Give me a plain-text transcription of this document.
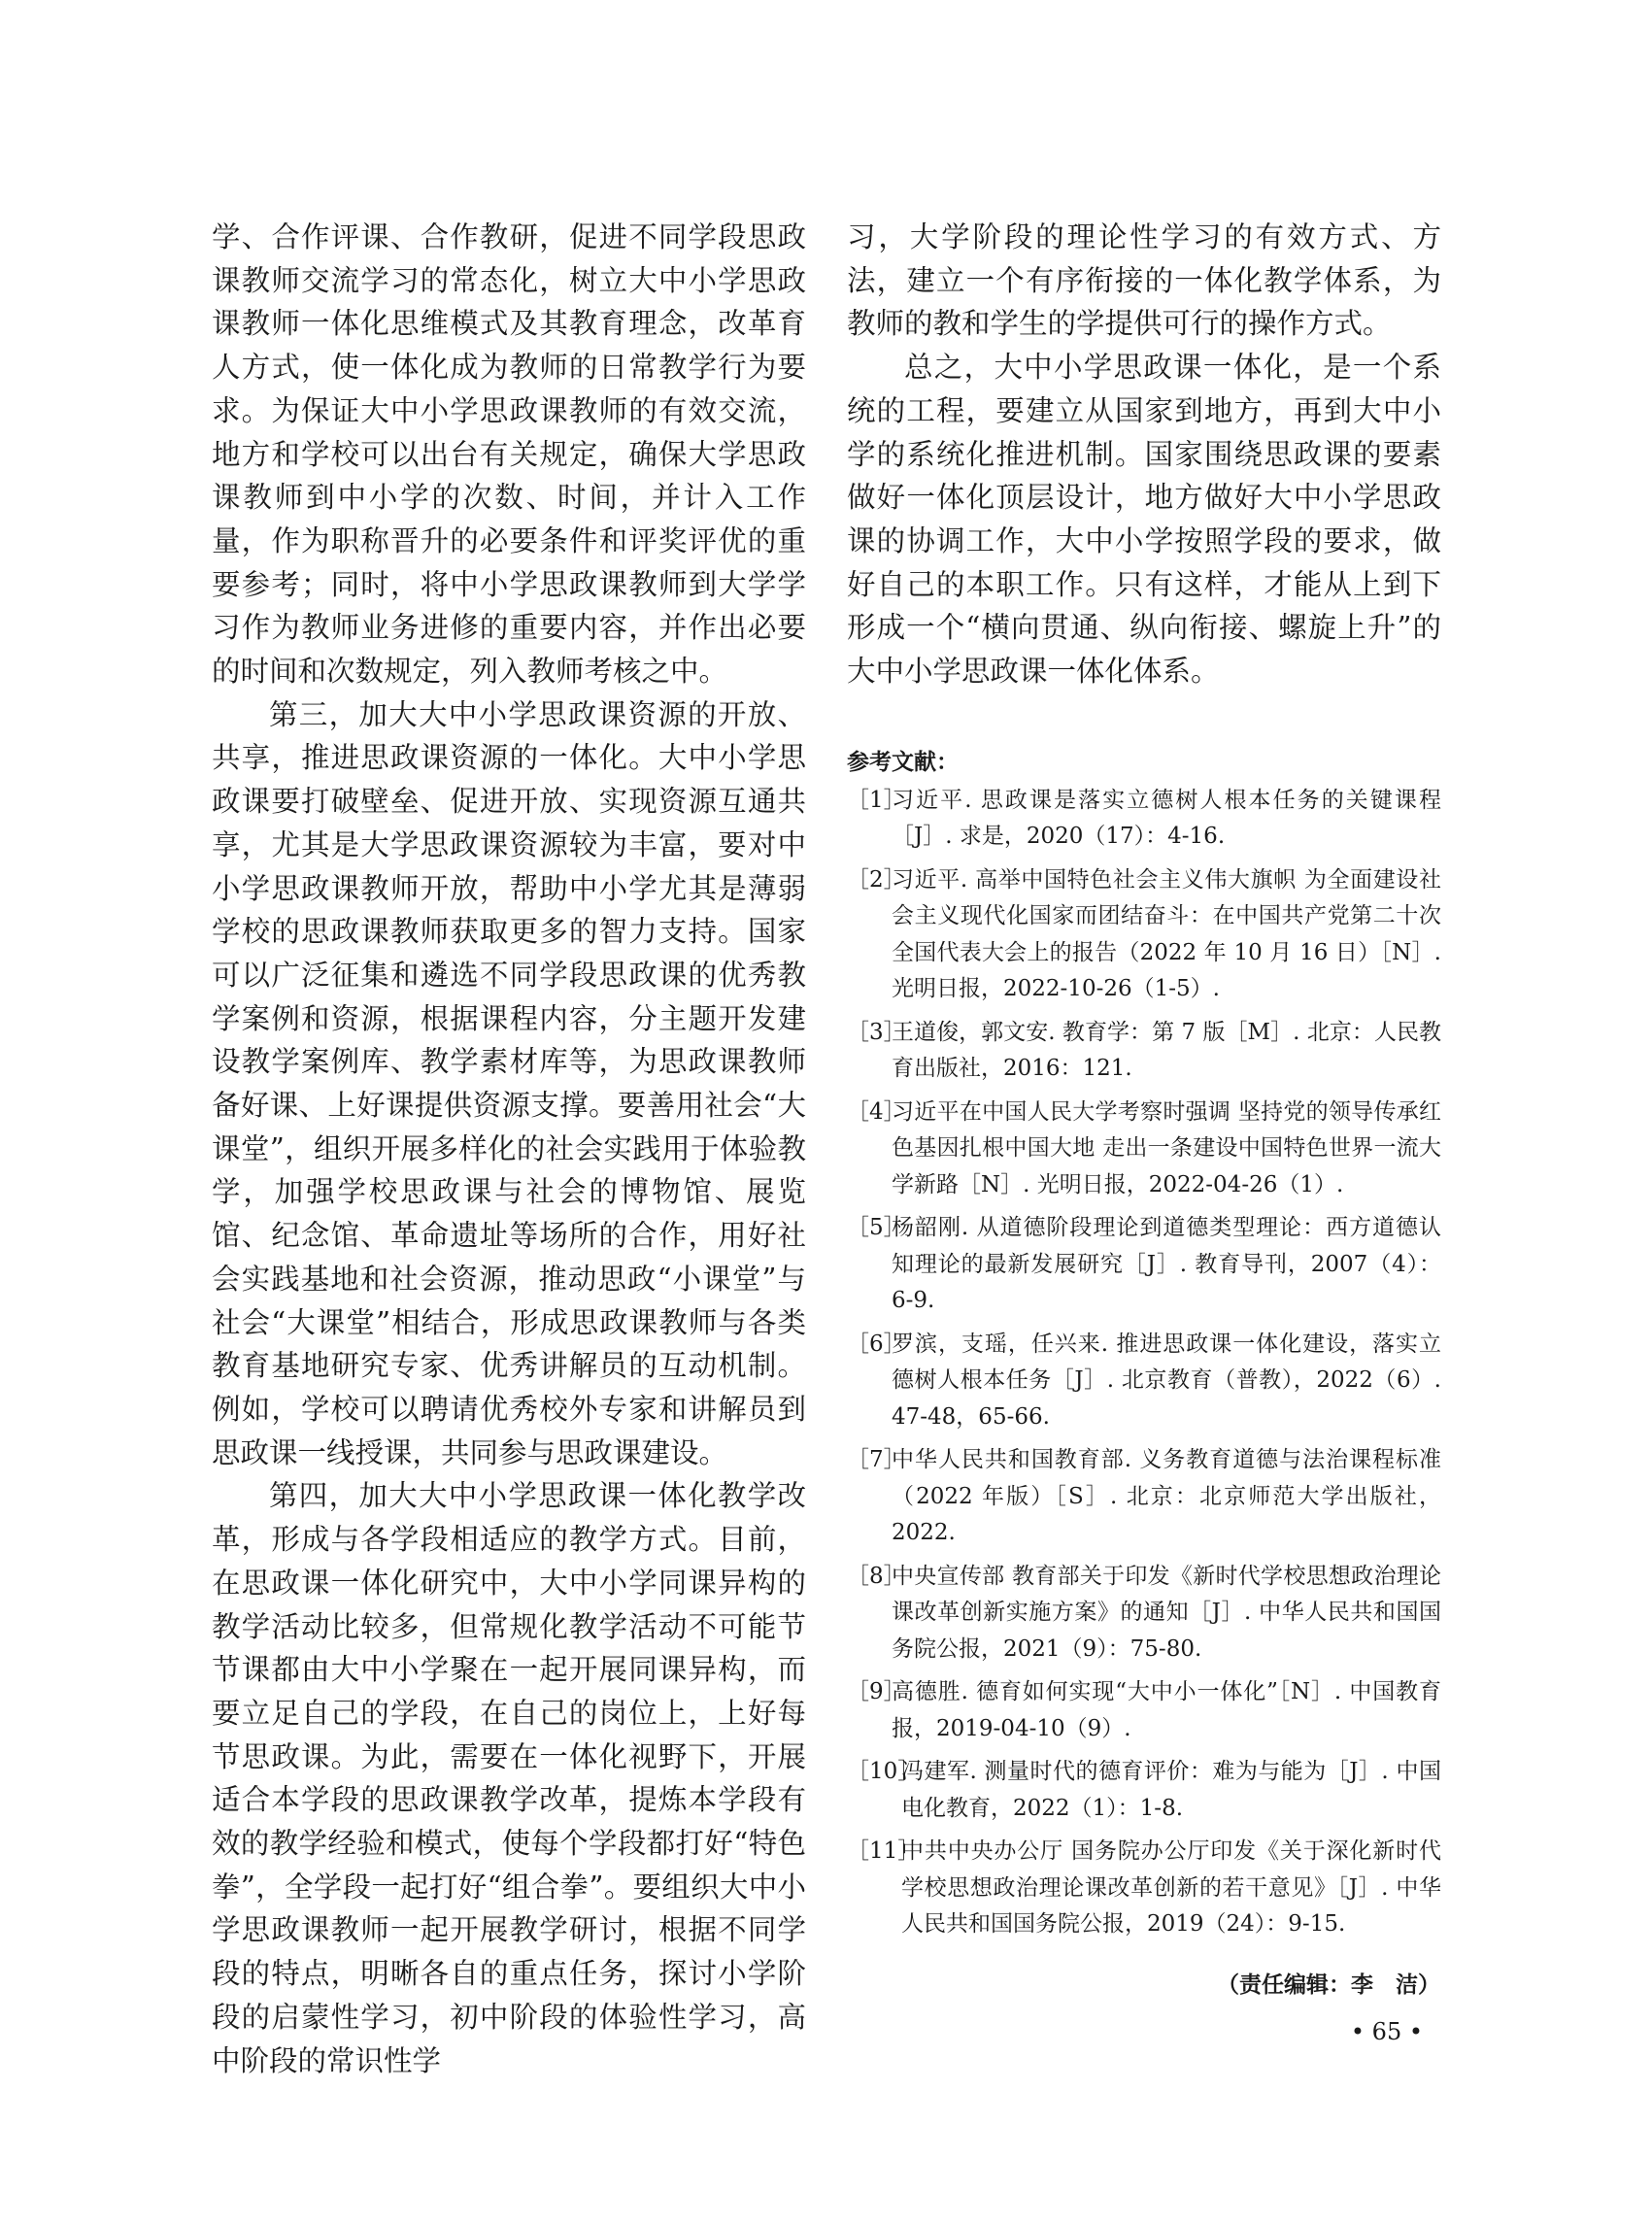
学、合作评课、合作教研，促进不同学段思政课教师交流学习的常态化，树立大中小学思政课教师一体化思维模式及其教育理念，改革育人方式，使一体化成为教师的日常教学行为要求。为保证大中小学思政课教师的有效交流，地方和学校可以出台有关规定，确保大学思政课教师到中小学的次数、时间，并计入工作量，作为职称晋升的必要条件和评奖评优的重要参考；同时，将中小学思政课教师到大学学习作为教师业务进修的重要内容，并作出必要的时间和次数规定，列入教师考核之中。

第三，加大大中小学思政课资源的开放、共享，推进思政课资源的一体化。大中小学思政课要打破壁垒、促进开放、实现资源互通共享，尤其是大学思政课资源较为丰富，要对中小学思政课教师开放，帮助中小学尤其是薄弱学校的思政课教师获取更多的智力支持。国家可以广泛征集和遴选不同学段思政课的优秀教学案例和资源，根据课程内容，分主题开发建设教学案例库、教学素材库等，为思政课教师备好课、上好课提供资源支撑。要善用社会“大课堂”，组织开展多样化的社会实践用于体验教学，加强学校思政课与社会的博物馆、展览馆、纪念馆、革命遗址等场所的合作，用好社会实践基地和社会资源，推动思政“小课堂”与社会“大课堂”相结合，形成思政课教师与各类教育基地研究专家、优秀讲解员的互动机制。例如，学校可以聘请优秀校外专家和讲解员到思政课一线授课，共同参与思政课建设。

第四，加大大中小学思政课一体化教学改革，形成与各学段相适应的教学方式。目前，在思政课一体化研究中，大中小学同课异构的教学活动比较多，但常规化教学活动不可能节节课都由大中小学聚在一起开展同课异构，而要立足自己的学段，在自己的岗位上，上好每节思政课。为此，需要在一体化视野下，开展适合本学段的思政课教学改革，提炼本学段有效的教学经验和模式，使每个学段都打好“特色拳”，全学段一起打好“组合拳”。要组织大中小学思政课教师一起开展教学研讨，根据不同学段的特点，明晰各自的重点任务，探讨小学阶段的启蒙性学习，初中阶段的体验性学习，高中阶段的常识性学

习，大学阶段的理论性学习的有效方式、方法，建立一个有序衔接的一体化教学体系，为教师的教和学生的学提供可行的操作方式。

总之，大中小学思政课一体化，是一个系统的工程，要建立从国家到地方，再到大中小学的系统化推进机制。国家围绕思政课的要素做好一体化顶层设计，地方做好大中小学思政课的协调工作，大中小学按照学段的要求，做好自己的本职工作。只有这样，才能从上到下形成一个“横向贯通、纵向衔接、螺旋上升”的大中小学思政课一体化体系。

参考文献：
［1］
习近平. 思政课是落实立德树人根本任务的关键课程［J］. 求是，2020（17）：4-16.
［2］
习近平. 高举中国特色社会主义伟大旗帜 为全面建设社会主义现代化国家而团结奋斗：在中国共产党第二十次全国代表大会上的报告（2022 年 10 月 16 日）［N］. 光明日报，2022-10-26（1-5）.
［3］
王道俊，郭文安. 教育学：第 7 版［M］. 北京：人民教育出版社，2016：121.
［4］
习近平在中国人民大学考察时强调 坚持党的领导传承红色基因扎根中国大地 走出一条建设中国特色世界一流大学新路［N］. 光明日报，2022-04-26（1）.
［5］
杨韶刚. 从道德阶段理论到道德类型理论：西方道德认知理论的最新发展研究［J］. 教育导刊，2007（4）：6-9.
［6］
罗滨，支瑶，任兴来. 推进思政课一体化建设，落实立德树人根本任务［J］. 北京教育（普教），2022（6）. 47-48，65-66.
［7］
中华人民共和国教育部. 义务教育道德与法治课程标准（2022 年版）［S］. 北京：北京师范大学出版社，2022.
［8］
中央宣传部 教育部关于印发《新时代学校思想政治理论课改革创新实施方案》的通知［J］. 中华人民共和国国务院公报，2021（9）：75-80.
［9］
高德胜. 德育如何实现“大中小一体化”［N］. 中国教育报，2019-04-10（9）.
［10］
冯建军. 测量时代的德育评价：难为与能为［J］. 中国电化教育，2022（1）：1-8.
［11］
中共中央办公厅 国务院办公厅印发《关于深化新时代学校思想政治理论课改革创新的若干意见》［J］. 中华人民共和国国务院公报，2019（24）：9-15.
（责任编辑：李　洁）
• 65 •
